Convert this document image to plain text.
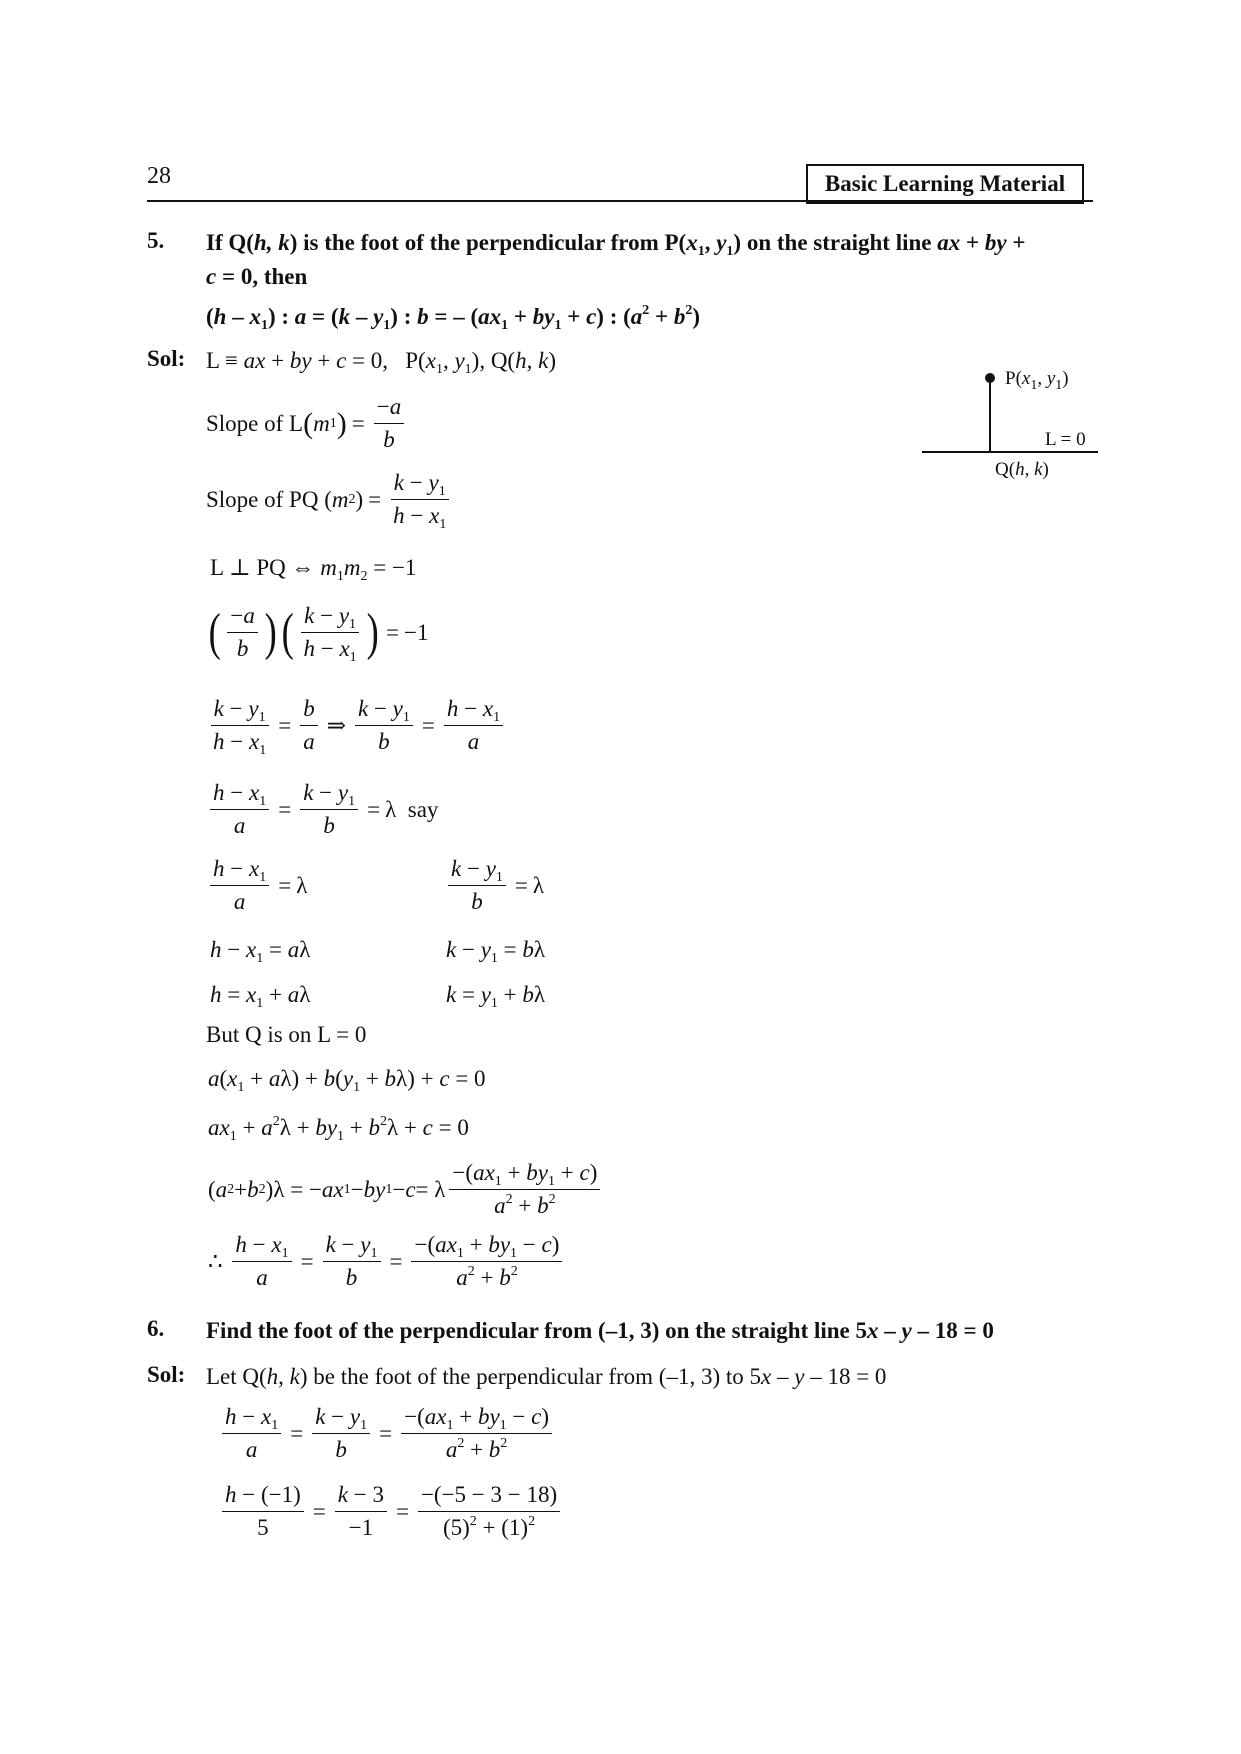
28	Basic Learning Material
5. If Q(h, k) is the foot of the perpendicular from $P(x_1$, $y_1$) on the straight line ax + by +
c = 0, then
$(h - x_1)$ : $a = (k - y_1)$ : b = – $(ax_1 + by_1 + c)$ : $(a^2 + b^2)$
Sol: L ≡ ax + by + c = 0,   $P(x_1$, $y_1$), Q(h, k)
$P(x_1$, $y_1$)
L = 0
Q(h, k)
Slope of L ( m 1 ) = $\frac{-a}{b}$
Slope of PQ ( m 2 ) = $\frac{k - y_1}{h - x_1}$
L ⊥ PQ ⇔ $m_1m_2 = -1$
( $\frac{-a}{b}$ ) ( $\frac{k - y_1}{h - x_1}$ ) = −1
$\frac{k - y_1}{h - x_1} = \frac{b}{a}$ ⇒ $\frac{k - y_1}{b} = \frac{h - x_1}{a}$
$\frac{h - x_1}{a} = \frac{k - y_1}{b} = \lambda$ say
$\frac{h - x_1}{a} = \lambda$	$\frac{k - y_1}{b} = \lambda$
$h - x_1 = a\lambda$	$k - y_1 = b\lambda$
$h = x_1 + a\lambda$	$k = y_1 + b\lambda$
But Q is on L = 0
$a(x_1 + a\lambda) + b(y_1 + b\lambda) + c = 0$
$ax_1 + a^2\lambda + by_1 + b^2\lambda + c = 0$
( a 2 + b 2 )λ = − ax 1 − by 1 − c = λ $\frac{-(ax_1 + by_1 + c)}{a^2 + b^2}$
∴ $\frac{h - x_1}{a} = \frac{k - y_1}{b} = \frac{-(ax_1 + by_1 - c)}{a^2 + b^2}$
6. Find the foot of the perpendicular from (–1, 3) on the straight line 5x – y – 18 = 0
Sol: Let Q(h, k) be the foot of the perpendicular from (–1, 3) to 5x – y – 18 = 0
$\frac{h - x_1}{a} = \frac{k - y_1}{b} = \frac{-(ax_1 + by_1 - c)}{a^2 + b^2}$
$\frac{h - (-1)}{5} = \frac{k - 3}{-1} = \frac{-(-5 - 3 - 18)}{(5)^2 + (1)^2}$
